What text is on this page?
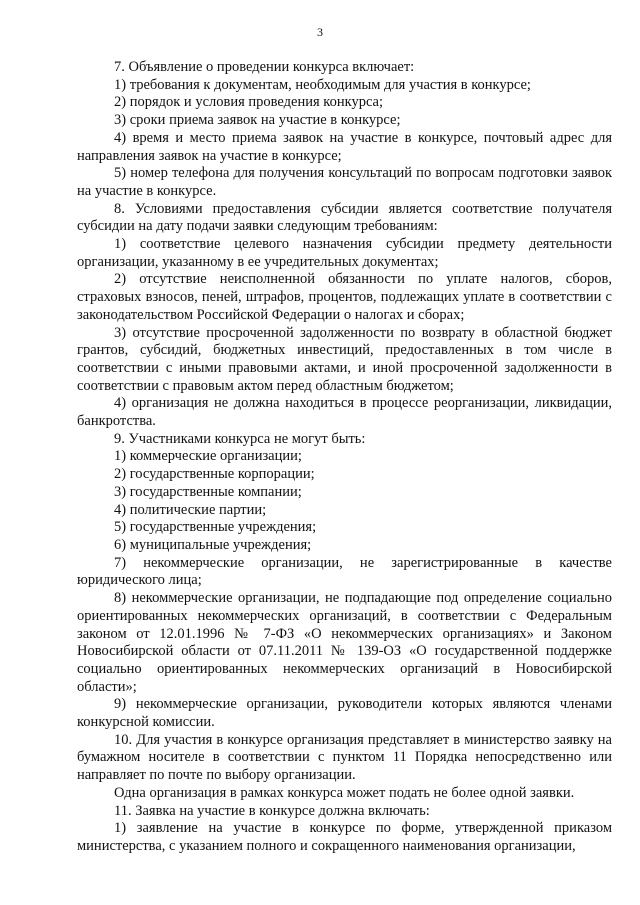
3

7. Объявление о проведении конкурса включает:

1) требования к документам, необходимым для участия в конкурсе;

2) порядок и условия проведения конкурса;

3) сроки приема заявок на участие в конкурсе;

4) время и место приема заявок на участие в конкурсе, почтовый адрес для направления заявок на участие в конкурсе;

5) номер телефона для получения консультаций по вопросам подготовки заявок на участие в конкурсе.

8. Условиями предоставления субсидии является соответствие получателя субсидии на дату подачи заявки следующим требованиям:

1) соответствие целевого назначения субсидии предмету деятельности организации, указанному в ее учредительных документах;

2) отсутствие неисполненной обязанности по уплате налогов, сборов, страховых взносов, пеней, штрафов, процентов, подлежащих уплате в соответствии с законодательством Российской Федерации о налогах и сборах;

3) отсутствие просроченной задолженности по возврату в областной бюджет грантов, субсидий, бюджетных инвестиций, предоставленных в том числе в соответствии с иными правовыми актами, и иной просроченной задолженности в соответствии с правовым актом перед областным бюджетом;

4) организация не должна находиться в процессе реорганизации, ликвидации, банкротства.

9. Участниками конкурса не могут быть:

1) коммерческие организации;

2) государственные корпорации;

3) государственные компании;

4) политические партии;

5) государственные учреждения;

6) муниципальные учреждения;

7) некоммерческие организации, не зарегистрированные в качестве юридического лица;

8) некоммерческие организации, не подпадающие под определение социально ориентированных некоммерческих организаций, в соответствии с Федеральным законом от 12.01.1996 № 7-ФЗ «О некоммерческих организациях» и Законом Новосибирской области от 07.11.2011 № 139-ОЗ «О государственной поддержке социально ориентированных некоммерческих организаций в Новосибирской области»;

9) некоммерческие организации, руководители которых являются членами конкурсной комиссии.

10. Для участия в конкурсе организация представляет в министерство заявку на бумажном носителе в соответствии с пунктом 11 Порядка непосредственно или направляет по почте по выбору организации.

Одна организация в рамках конкурса может подать не более одной заявки.

11. Заявка на участие в конкурсе должна включать:

1) заявление на участие в конкурсе по форме, утвержденной приказом министерства, с указанием полного и сокращенного наименования организации,
